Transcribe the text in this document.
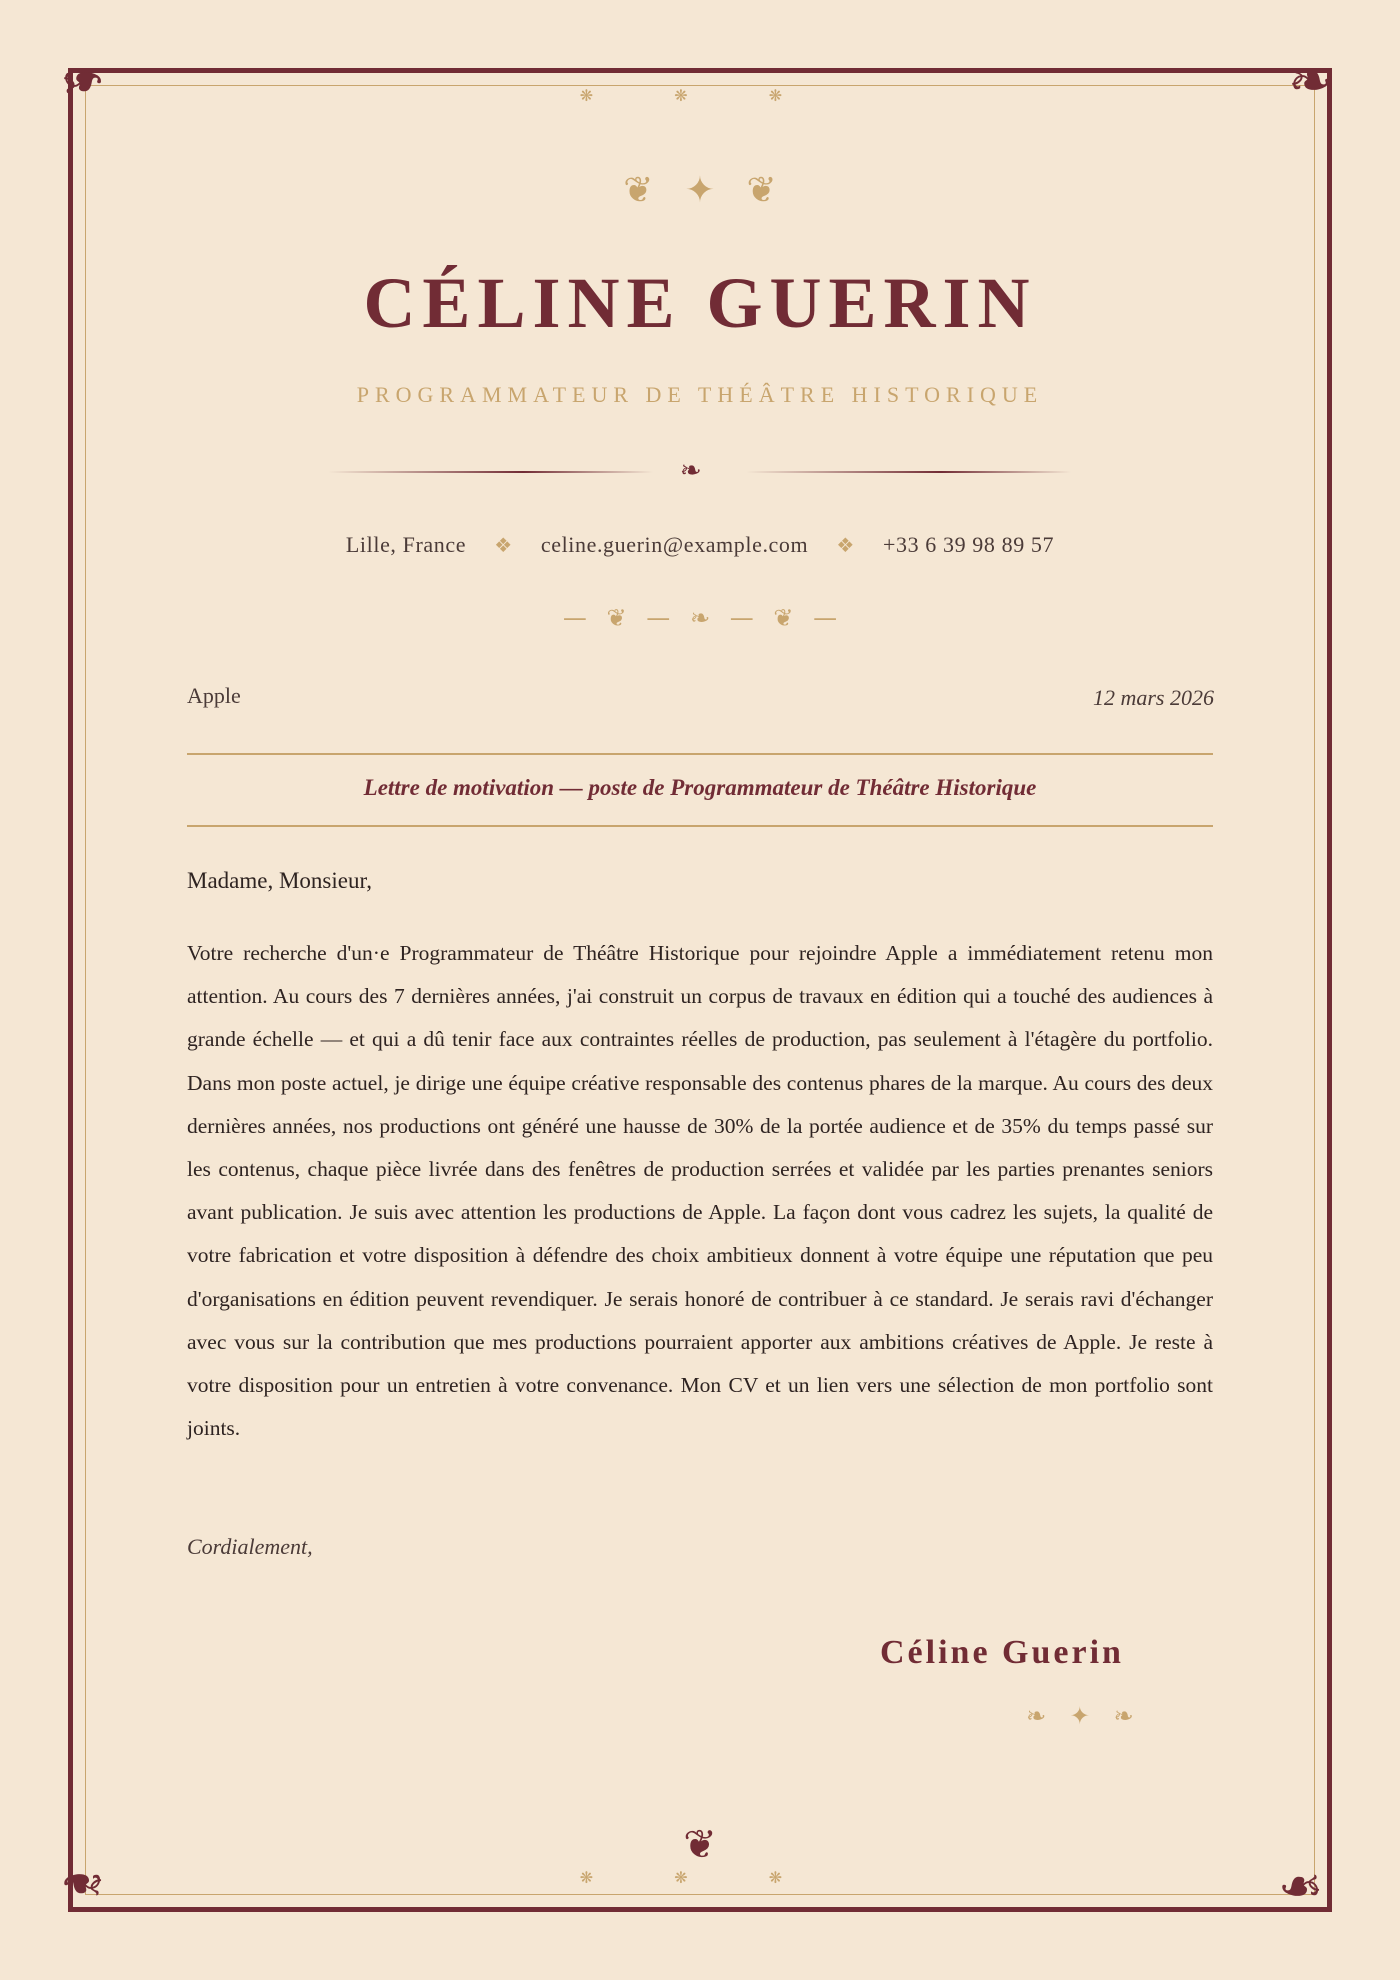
❧	❧
❧	❧
❋ ❋ ❋
❦ ✦ ❦
CÉLINE GUERIN
PROGRAMMATEUR DE THÉÂTRE HISTORIQUE
❧
Lille, France ❖ celine.guerin@example.com ❖ +33 6 39 98 89 57
— ❦ — ❧ — ❦ —
Apple	12 mars 2026
Lettre de motivation — poste de Programmateur de Théâtre Historique
Madame, Monsieur,
Votre recherche d'un·e Programmateur de Théâtre Historique pour rejoindre Apple a immédiatement retenu mon attention. Au cours des 7 dernières années, j'ai construit un corpus de travaux en édition qui a touché des audiences à grande échelle — et qui a dû tenir face aux contraintes réelles de production, pas seulement à l'étagère du portfolio. Dans mon poste actuel, je dirige une équipe créative responsable des contenus phares de la marque. Au cours des deux dernières années, nos productions ont généré une hausse de 30% de la portée audience et de 35% du temps passé sur les contenus, chaque pièce livrée dans des fenêtres de production serrées et validée par les parties prenantes seniors avant publication. Je suis avec attention les productions de Apple. La façon dont vous cadrez les sujets, la qualité de votre fabrication et votre disposition à défendre des choix ambitieux donnent à votre équipe une réputation que peu d'organisations en édition peuvent revendiquer. Je serais honoré de contribuer à ce standard. Je serais ravi d'échanger avec vous sur la contribution que mes productions pourraient apporter aux ambitions créatives de Apple. Je reste à votre disposition pour un entretien à votre convenance. Mon CV et un lien vers une sélection de mon portfolio sont joints.
Cordialement,
Céline Guerin
❧ ✦ ❧
❦
❋ ❋ ❋
